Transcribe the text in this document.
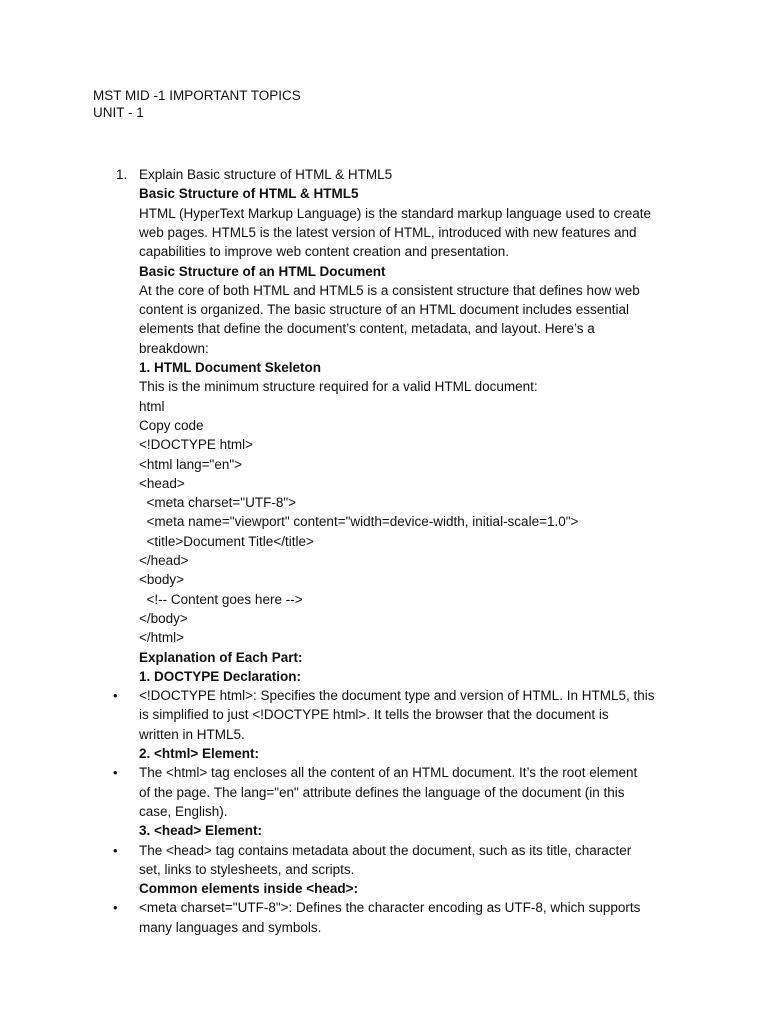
MST MID -1 IMPORTANT TOPICS
UNIT - 1
1. Explain Basic structure of HTML & HTML5
Basic Structure of HTML & HTML5
HTML (HyperText Markup Language) is the standard markup language used to create
web pages. HTML5 is the latest version of HTML, introduced with new features and
capabilities to improve web content creation and presentation.
Basic Structure of an HTML Document
At the core of both HTML and HTML5 is a consistent structure that defines how web
content is organized. The basic structure of an HTML document includes essential
elements that define the document’s content, metadata, and layout. Here’s a
breakdown:
1. HTML Document Skeleton
This is the minimum structure required for a valid HTML document:
html
Copy code
<!DOCTYPE html>
<html lang="en">
<head>
<meta charset="UTF-8">
<meta name="viewport" content="width=device-width, initial-scale=1.0">
<title>Document Title</title>
</head>
<body>
<!-- Content goes here -->
</body>
</html>
Explanation of Each Part:
1. DOCTYPE Declaration:
• <!DOCTYPE html>: Specifies the document type and version of HTML. In HTML5, this
is simplified to just <!DOCTYPE html>. It tells the browser that the document is
written in HTML5.
2. <html> Element:
• The <html> tag encloses all the content of an HTML document. It’s the root element
of the page. The lang="en" attribute defines the language of the document (in this
case, English).
3. <head> Element:
• The <head> tag contains metadata about the document, such as its title, character
set, links to stylesheets, and scripts.
Common elements inside <head>:
• <meta charset="UTF-8">: Defines the character encoding as UTF-8, which supports
many languages and symbols.
